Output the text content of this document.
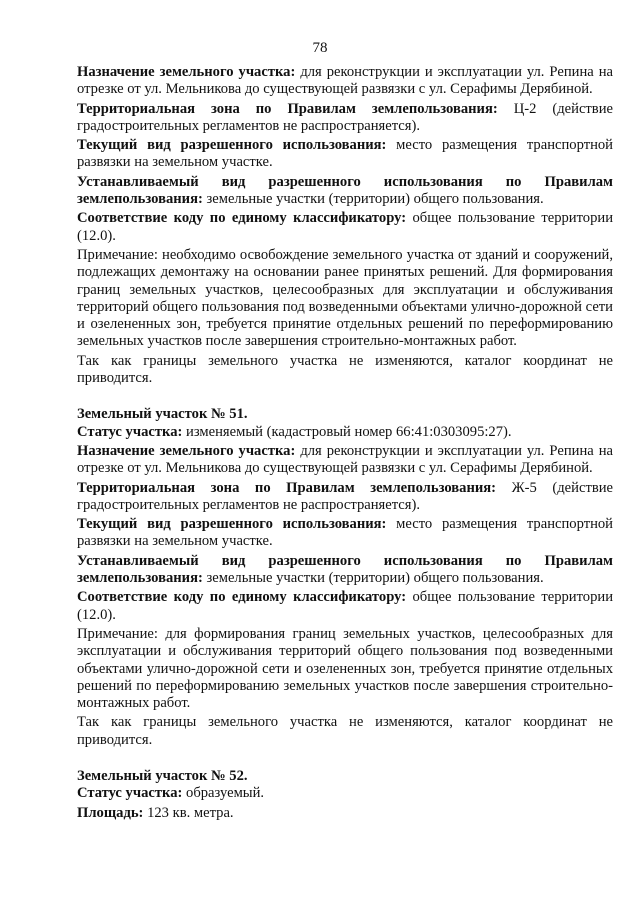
78

Назначение земельного участка: для реконструкции и эксплуатации ул. Репина на отрезке от ул. Мельникова до существующей развязки с ул. Серафимы Дерябиной.

Территориальная зона по Правилам землепользования: Ц-2 (действие градостроительных регламентов не распространяется).

Текущий вид разрешенного использования: место размещения транспортной развязки на земельном участке.

Устанавливаемый вид разрешенного использования по Правилам землепользования: земельные участки (территории) общего пользования.

Соответствие коду по единому классификатору: общее пользование территории (12.0).

Примечание: необходимо освобождение земельного участка от зданий и сооружений, подлежащих демонтажу на основании ранее принятых решений. Для формирования границ земельных участков, целесообразных для эксплуатации и обслуживания территорий общего пользования под возведенными объектами улично-дорожной сети и озелененных зон, требуется принятие отдельных решений по переформированию земельных участков после завершения строительно-монтажных работ.

Так как границы земельного участка не изменяются, каталог координат не приводится.

Земельный участок № 51.

Статус участка: изменяемый (кадастровый номер 66:41:0303095:27).

Назначение земельного участка: для реконструкции и эксплуатации ул. Репина на отрезке от ул. Мельникова до существующей развязки с ул. Серафимы Дерябиной.

Территориальная зона по Правилам землепользования: Ж-5 (действие градостроительных регламентов не распространяется).

Текущий вид разрешенного использования: место размещения транспортной развязки на земельном участке.

Устанавливаемый вид разрешенного использования по Правилам землепользования: земельные участки (территории) общего пользования.

Соответствие коду по единому классификатору: общее пользование территории (12.0).

Примечание: для формирования границ земельных участков, целесообразных для эксплуатации и обслуживания территорий общего пользования под возведенными объектами улично-дорожной сети и озелененных зон, требуется принятие отдельных решений по переформированию земельных участков после завершения строительно-монтажных работ.

Так как границы земельного участка не изменяются, каталог координат не приводится.

Земельный участок № 52.

Статус участка: образуемый.

Площадь: 123 кв. метра.
